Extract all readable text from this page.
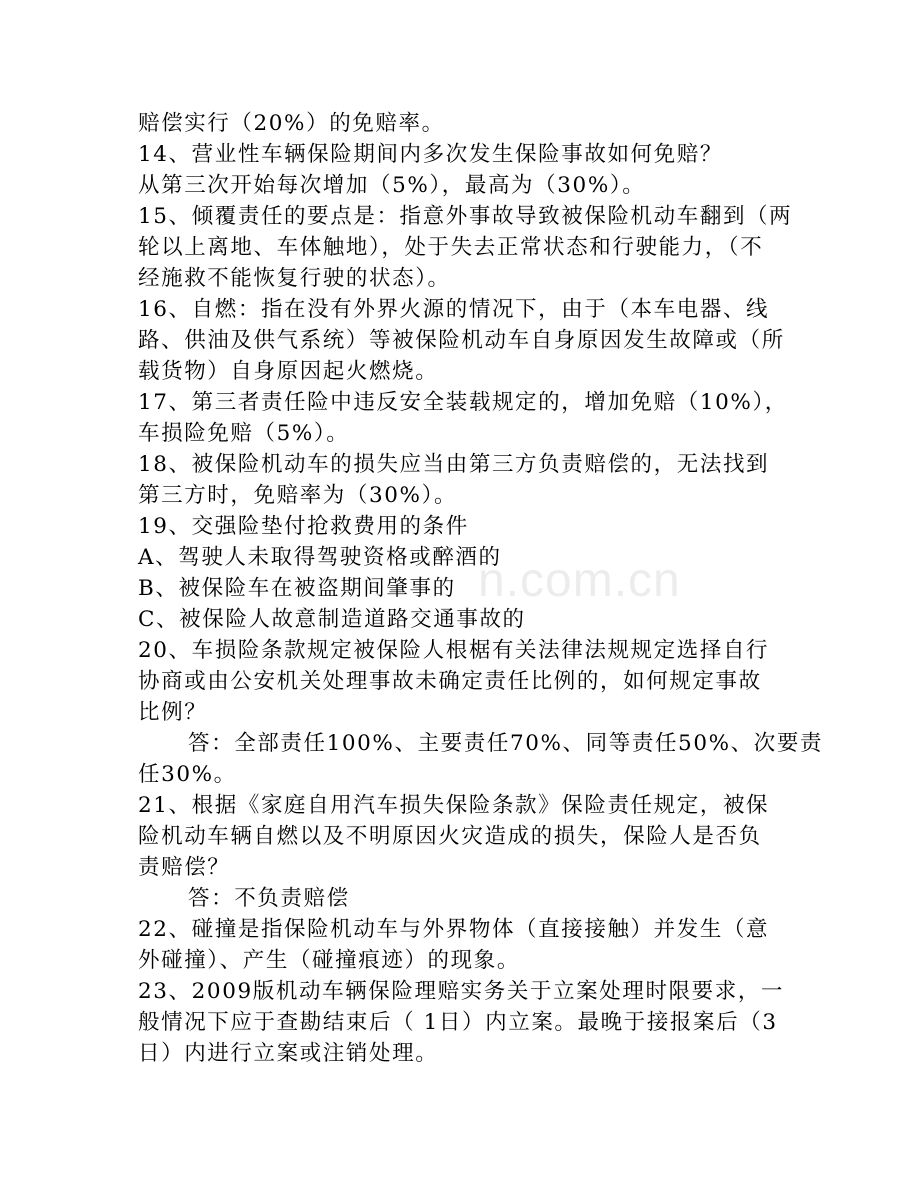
赔偿实行（20%）的免赔率。
14、营业性车辆保险期间内多次发生保险事故如何免赔？
从第三次开始每次增加（5%），最高为（30%）。
15、倾覆责任的要点是：指意外事故导致被保险机动车翻到（两
轮以上离地、车体触地），处于失去正常状态和行驶能力，（不
经施救不能恢复行驶的状态）。
16、自燃：指在没有外界火源的情况下，由于（本车电器、线
路、供油及供气系统）等被保险机动车自身原因发生故障或（所
载货物）自身原因起火燃烧。
17、第三者责任险中违反安全装载规定的，增加免赔（10%），
车损险免赔（5%）。
18、被保险机动车的损失应当由第三方负责赔偿的，无法找到
第三方时，免赔率为（30%）。
19、交强险垫付抢救费用的条件
A、驾驶人未取得驾驶资格或醉酒的
B、被保险车在被盗期间肇事的
C、被保险人故意制造道路交通事故的
20、车损险条款规定被保险人根椐有关法律法规规定选择自行
协商或由公安机关处理事故未确定责任比例的，如何规定事故
比例？
答：全部责任100%、主要责任70%、同等责任50%、次要责
任30%。
21、根据《家庭自用汽车损失保险条款》保险责任规定，被保
险机动车辆自燃以及不明原因火灾造成的损失，保险人是否负
责赔偿？
答：不负责赔偿
22、碰撞是指保险机动车与外界物体（直接接触）并发生（意
外碰撞）、产生（碰撞痕迹）的现象。
23、2009版机动车辆保险理赔实务关于立案处理时限要求，一
般情况下应于查勘结束后（ 1日）内立案。最晚于接报案后（3
日）内进行立案或注销处理。
n.com.cn
